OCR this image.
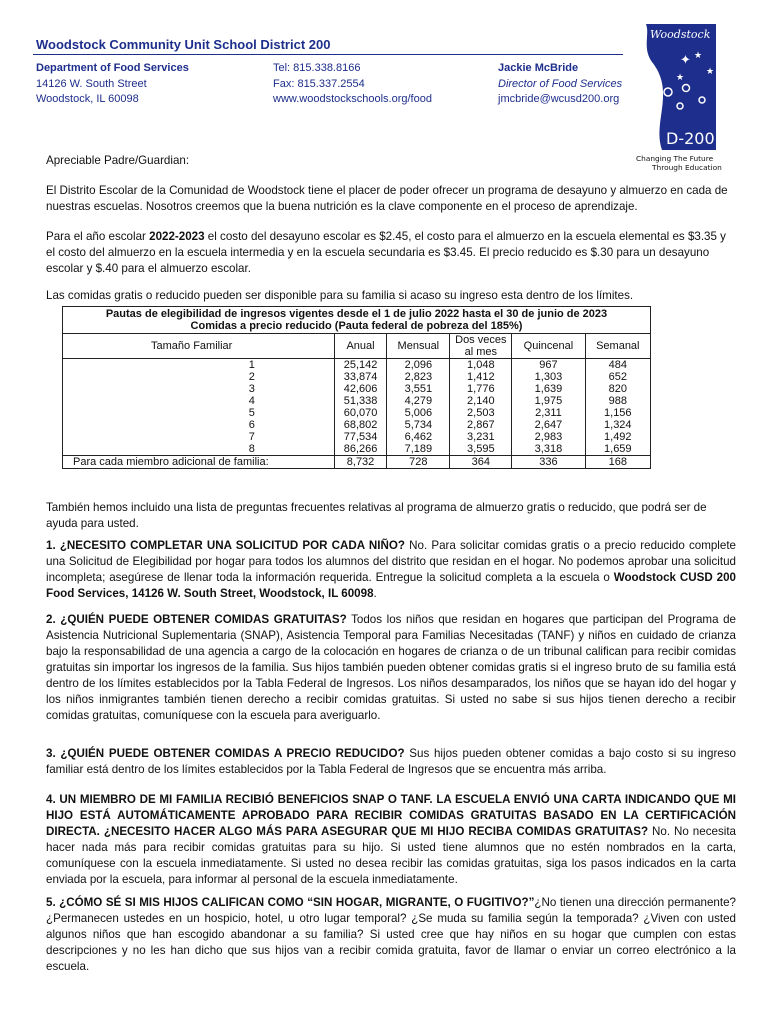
Woodstock Community Unit School District 200
Department of Food Services
14126 W. South Street
Woodstock, IL 60098
Tel: 815.338.8166
Fax: 815.337.2554
www.woodstockschools.org/food
Jackie McBride
Director of Food Services
jmcbride@wcusd200.org
Woodstock
✦ ★
★
★
D-200
Changing The Future
Through Education
Apreciable Padre/Guardian:

El Distrito Escolar de la Comunidad de Woodstock tiene el placer de poder ofrecer un programa de desayuno y almuerzo en cada de nuestras escuelas. Nosotros creemos que la buena nutrición es la clave componente en el proceso de aprendizaje.

Para el año escolar 2022-2023 el costo del desayuno escolar es $2.45, el costo para el almuerzo en la escuela elemental es $3.35 y el costo del almuerzo en la escuela intermedia y en la escuela secundaria es $3.45. El precio reducido es $.30 para un desayuno escolar y $.40 para el almuerzo escolar.

Las comidas gratis o reducido pueden ser disponible para su familia si acaso su ingreso esta dentro de los límites.

Pautas de elegibilidad de ingresos vigentes desde el 1 de julio 2022 hasta el 30 de junio de 2023
Comidas a precio reducido (Pauta federal de pobreza del 185%)					

Tamaño Familiar	Anual	Mensual	Dos veces al mes	Quincenal	Semanal
1	25,142	2,096	1,048	967	484
2	33,874	2,823	1,412	1,303	652
3	42,606	3,551	1,776	1,639	820
4	51,338	4,279	2,140	1,975	988
5	60,070	5,006	2,503	2,311	1,156
6	68,802	5,734	2,867	2,647	1,324
7	77,534	6,462	3,231	2,983	1,492
8	86,266	7,189	3,595	3,318	1,659
Para cada miembro adicional de familia:	8,732	728	364	336	168

También hemos incluido una lista de preguntas frecuentes relativas al programa de almuerzo gratis o reducido, que podrá ser de ayuda para usted.

1. ¿NECESITO COMPLETAR UNA SOLICITUD POR CADA NIÑO? No. Para solicitar comidas gratis o a precio reducido complete una Solicitud de Elegibilidad por hogar para todos los alumnos del distrito que residan en el hogar. No podemos aprobar una solicitud incompleta; asegúrese de llenar toda la información requerida. Entregue la solicitud completa a la escuela o Woodstock CUSD 200 Food Services, 14126 W. South Street, Woodstock, IL 60098.

2. ¿QUIÉN PUEDE OBTENER COMIDAS GRATUITAS? Todos los niños que residan en hogares que participan del Programa de Asistencia Nutricional Suplementaria (SNAP), Asistencia Temporal para Familias Necesitadas (TANF) y niños en cuidado de crianza bajo la responsabilidad de una agencia a cargo de la colocación en hogares de crianza o de un tribunal califican para recibir comidas gratuitas sin importar los ingresos de la familia. Sus hijos también pueden obtener comidas gratis si el ingreso bruto de su familia está dentro de los límites establecidos por la Tabla Federal de Ingresos. Los niños desamparados, los niños que se hayan ido del hogar y los niños inmigrantes también tienen derecho a recibir comidas gratuitas. Si usted no sabe si sus hijos tienen derecho a recibir comidas gratuitas, comuníquese con la escuela para averiguarlo.

3. ¿QUIÉN PUEDE OBTENER COMIDAS A PRECIO REDUCIDO? Sus hijos pueden obtener comidas a bajo costo si su ingreso familiar está dentro de los límites establecidos por la Tabla Federal de Ingresos que se encuentra más arriba.

4. UN MIEMBRO DE MI FAMILIA RECIBIÓ BENEFICIOS SNAP O TANF. LA ESCUELA ENVIÓ UNA CARTA INDICANDO QUE MI HIJO ESTÁ AUTOMÁTICAMENTE APROBADO PARA RECIBIR COMIDAS GRATUITAS BASADO EN LA CERTIFICACIÓN DIRECTA. ¿NECESITO HACER ALGO MÁS PARA ASEGURAR QUE MI HIJO RECIBA COMIDAS GRATUITAS? No. No necesita hacer nada más para recibir comidas gratuitas para su hijo. Si usted tiene alumnos que no estén nombrados en la carta, comuníquese con la escuela inmediatamente. Si usted no desea recibir las comidas gratuitas, siga los pasos indicados en la carta enviada por la escuela, para informar al personal de la escuela inmediatamente.

5. ¿CÓMO SÉ SI MIS HIJOS CALIFICAN COMO “SIN HOGAR, MIGRANTE, O FUGITIVO?”¿No tienen una dirección permanente? ¿Permanecen ustedes en un hospicio, hotel, u otro lugar temporal? ¿Se muda su familia según la temporada? ¿Viven con usted algunos niños que han escogido abandonar a su familia? Si usted cree que hay niños en su hogar que cumplen con estas descripciones y no les han dicho que sus hijos van a recibir comida gratuita, favor de llamar o enviar un correo electrónico a la escuela.
